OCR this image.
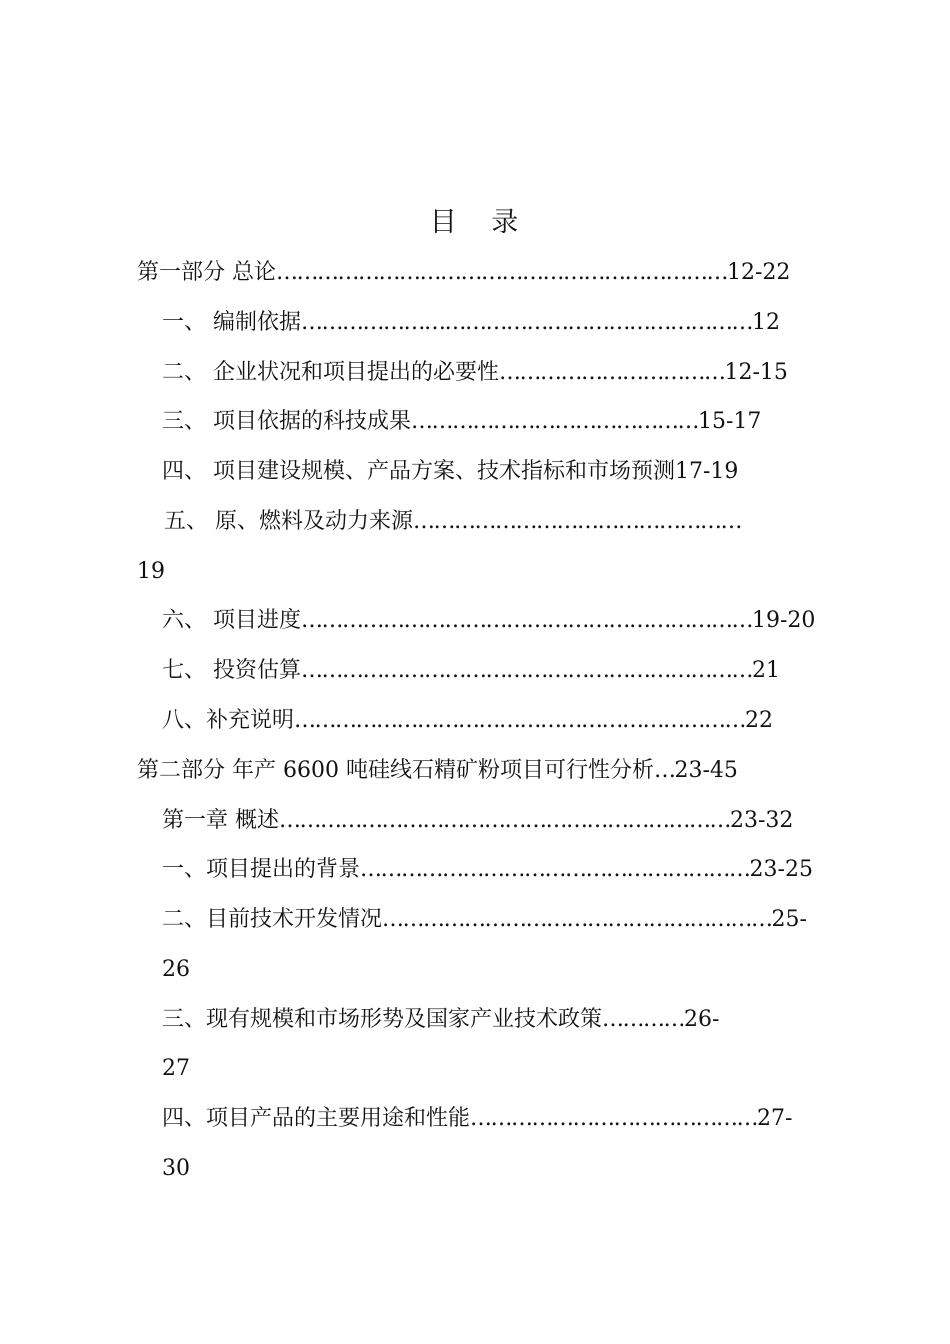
目 录
第一部分 总论…………………………………………………………12-22
一、 编制依据…………………………………………………………12
二、 企业状况和项目提出的必要性……………………………12-15
三、 项目依据的科技成果……………………………………15-17
四、 项目建设规模、产品方案、技术指标和市场预测17-19
五、 原、燃料及动力来源…………………………………………
19
六、 项目进度…………………………………………………………19-20
七、 投资估算…………………………………………………………21
八、补充说明…………………………………………………………22
第二部分 年产 6600 吨硅线石精矿粉项目可行性分析…23-45
第一章 概述…………………………………………………………23-32
一、项目提出的背景…………………………………………………23-25
二、目前技术开发情况…………………………………………………25-
26
三、现有规模和市场形势及国家产业技术政策…………26-
27
四、项目产品的主要用途和性能……………………………………27-
30
